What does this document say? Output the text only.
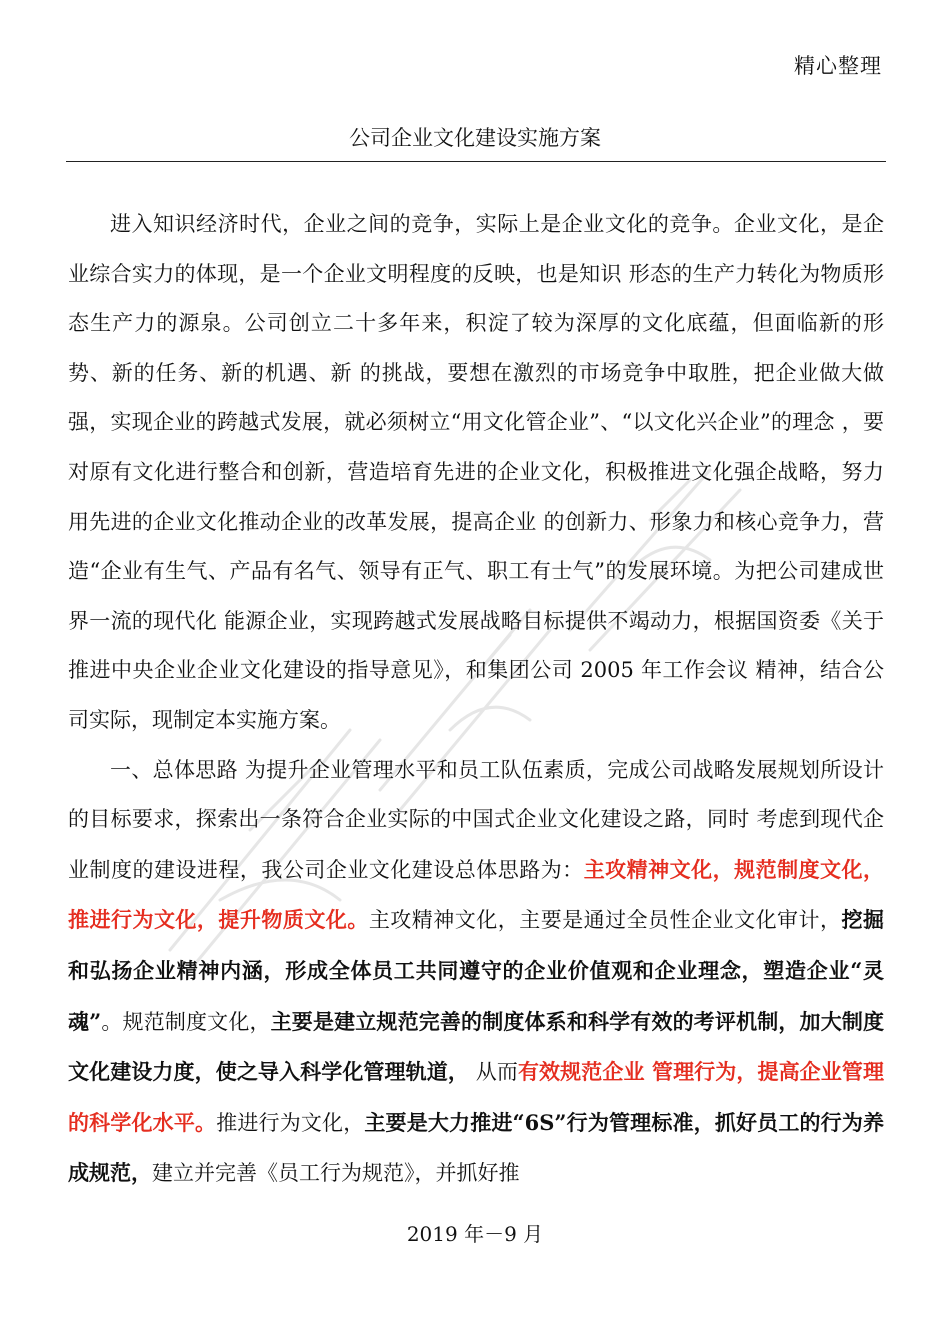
精心整理
公司企业文化建设实施方案

进入知识经济时代，企业之间的竞争，实际上是企业文化的竞争。企业文化，是企业综合实力的体现，是一个企业文明程度的反映，也是知识 形态的生产力转化为物质形态生产力的源泉。公司创立二十多年来，积淀了较为深厚的文化底蕴，但面临新的形势、新的任务、新的机遇、新 的挑战，要想在激烈的市场竞争中取胜，把企业做大做强，实现企业的跨越式发展，就必须树立“用文化管企业”、“以文化兴企业”的理念 ，要对原有文化进行整合和创新，营造培育先进的企业文化，积极推进文化强企战略，努力用先进的企业文化推动企业的改革发展，提高企业 的创新力、形象力和核心竞争力，营造“企业有生气、产品有名气、领导有正气、职工有士气”的发展环境。为把公司建成世界一流的现代化 能源企业，实现跨越式发展战略目标提供不竭动力，根据国资委《关于推进中央企业企业文化建设的指导意见》，和集团公司 2005 年工作会议 精神，结合公司实际，现制定本实施方案。

一、总体思路 为提升企业管理水平和员工队伍素质，完成公司战略发展规划所设计的目标要求，探索出一条符合企业实际的中国式企业文化建设之路，同时 考虑到现代企业制度的建设进程，我公司企业文化建设总体思路为：主攻精神文化，规范制度文化，推进行为文化，提升物质文化。主攻精神文化，主要是通过全员性企业文化审计，挖掘和弘扬企业精神内涵，形成全体员工共同遵守的企业价值观和企业理念，塑造企业“灵魂”。规范制度文化，主要是建立规范完善的制度体系和科学有效的考评机制，加大制度文化建设力度，使之导入科学化管理轨道， 从而有效规范企业 管理行为，提高企业管理的科学化水平。推进行为文化，主要是大力推进“6S”行为管理标准，抓好员工的行为养成规范，建立并完善《员工行为规范》，并抓好推

2019 年－9 月
